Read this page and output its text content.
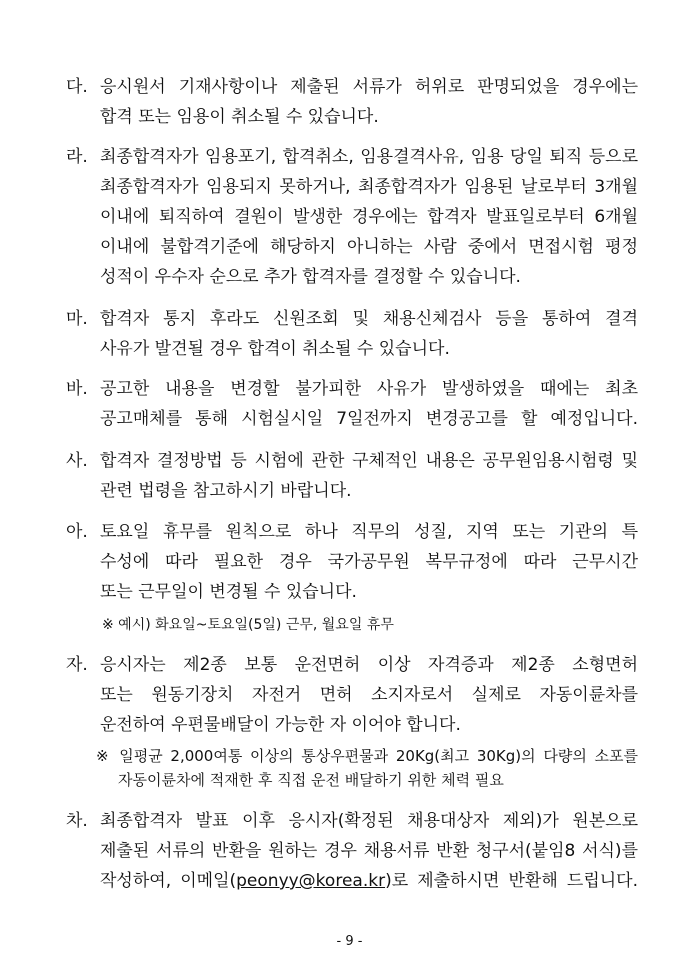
다. 응시원서 기재사항이나 제출된 서류가 허위로 판명되었을 경우에는
합격 또는 임용이 취소될 수 있습니다.
라. 최종합격자가 임용포기, 합격취소, 임용결격사유, 임용 당일 퇴직 등으로
최종합격자가 임용되지 못하거나, 최종합격자가 임용된 날로부터 3개월
이내에 퇴직하여 결원이 발생한 경우에는 합격자 발표일로부터 6개월
이내에 불합격기준에 해당하지 아니하는 사람 중에서 면접시험 평정
성적이 우수자 순으로 추가 합격자를 결정할 수 있습니다.
마. 합격자 통지 후라도 신원조회 및 채용신체검사 등을 통하여 결격
사유가 발견될 경우 합격이 취소될 수 있습니다.
바. 공고한 내용을 변경할 불가피한 사유가 발생하였을 때에는 최초
공고매체를 통해 시험실시일 7일전까지 변경공고를 할 예정입니다.
사. 합격자 결정방법 등 시험에 관한 구체적인 내용은 공무원임용시험령 및
관련 법령을 참고하시기 바랍니다.
아. 토요일 휴무를 원칙으로 하나 직무의 성질, 지역 또는 기관의 특
수성에 따라 필요한 경우 국가공무원 복무규정에 따라 근무시간
또는 근무일이 변경될 수 있습니다.
※ 예시) 화요일~토요일(5일) 근무, 월요일 휴무
자. 응시자는 제2종 보통 운전면허 이상 자격증과 제2종 소형면허
또는 원동기장치 자전거 면허 소지자로서 실제로 자동이륜차를
운전하여 우편물배달이 가능한 자 이어야 합니다.
※ 일평균 2,000여통 이상의 통상우편물과 20Kg(최고 30Kg)의 다량의 소포를
자동이륜차에 적재한 후 직접 운전 배달하기 위한 체력 필요
차. 최종합격자 발표 이후 응시자(확정된 채용대상자 제외)가 원본으로
제출된 서류의 반환을 원하는 경우 채용서류 반환 청구서(붙임8 서식)를
작성하여, 이메일(peonyy@korea.kr)로 제출하시면 반환해 드립니다.
- 9 -
